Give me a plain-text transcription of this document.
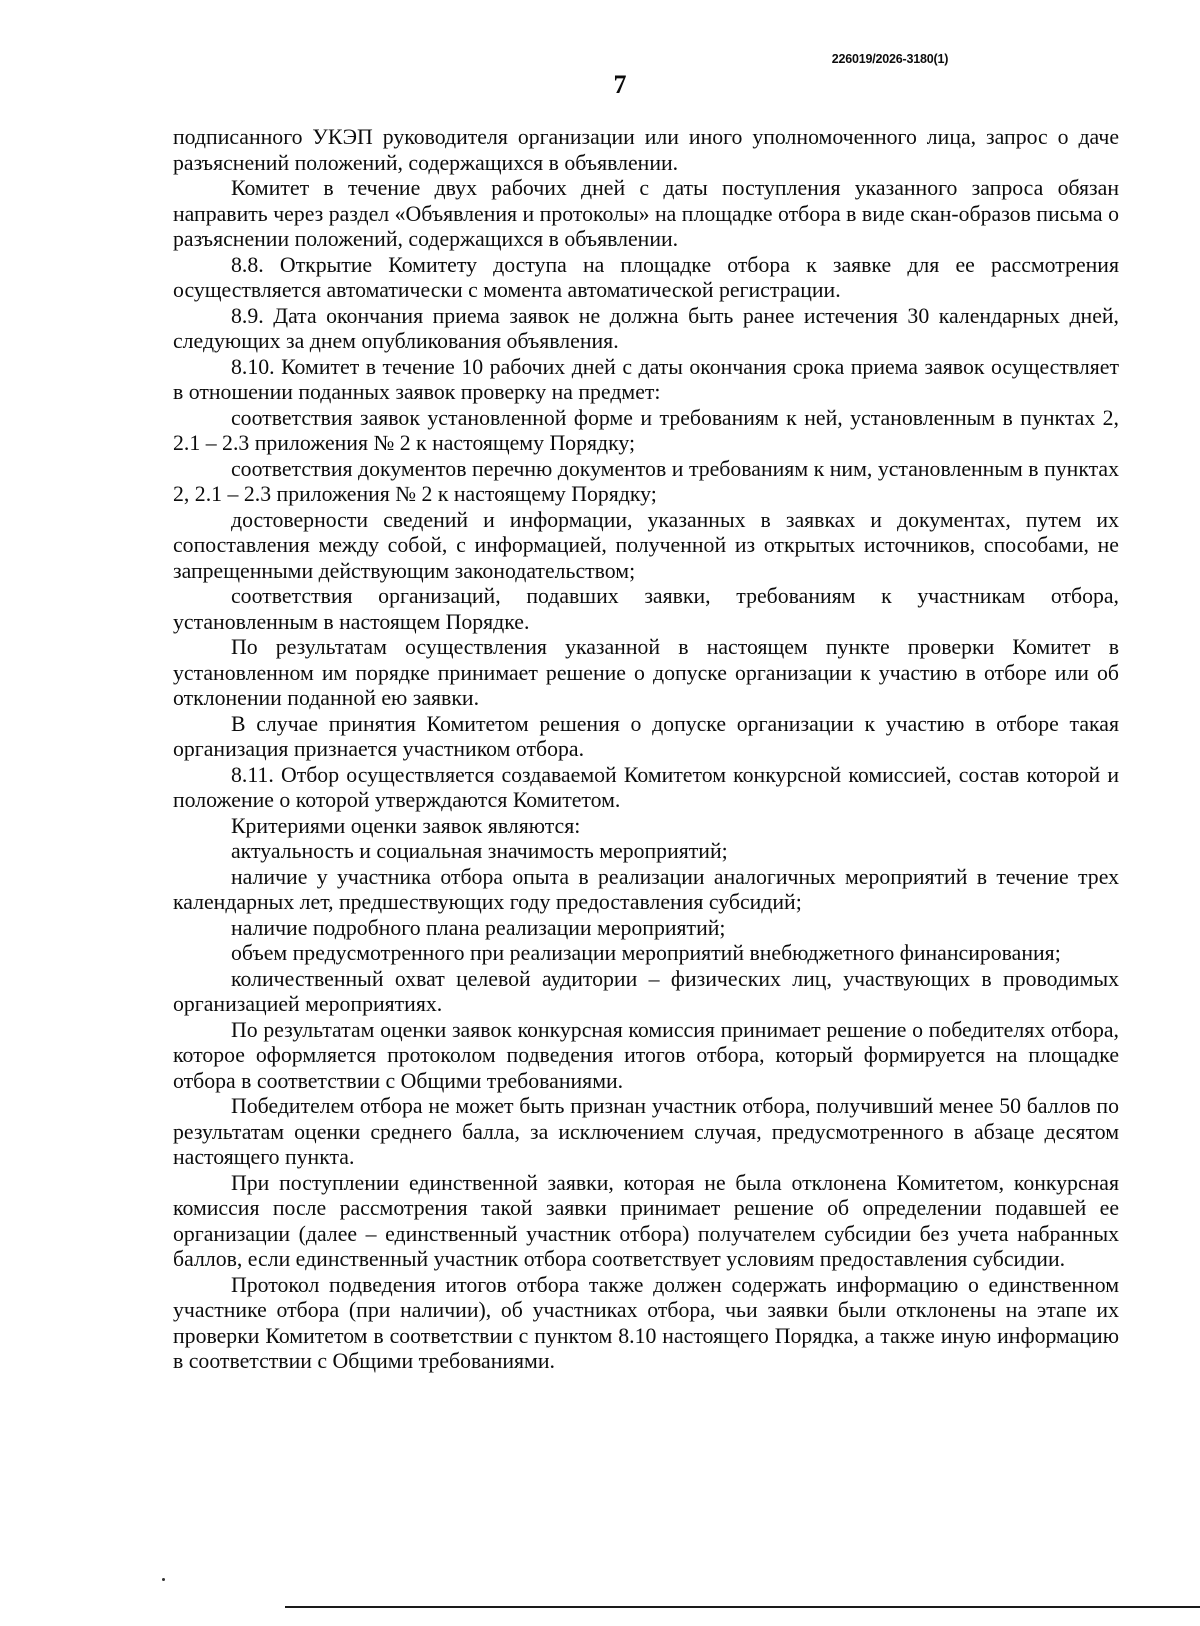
226019/2026-3180(1)
7

подписанного УКЭП руководителя организации или иного уполномоченного лица, запрос о даче разъяснений положений, содержащихся в объявлении.

Комитет в течение двух рабочих дней с даты поступления указанного запроса обязан направить через раздел «Объявления и протоколы» на площадке отбора в виде скан-образов письма о разъяснении положений, содержащихся в объявлении.

8.8. Открытие Комитету доступа на площадке отбора к заявке для ее рассмотрения осуществляется автоматически с момента автоматической регистрации.

8.9. Дата окончания приема заявок не должна быть ранее истечения 30 календарных дней, следующих за днем опубликования объявления.

8.10. Комитет в течение 10 рабочих дней с даты окончания срока приема заявок осуществляет в отношении поданных заявок проверку на предмет:

соответствия заявок установленной форме и требованиям к ней, установленным в пунктах 2, 2.1 – 2.3 приложения № 2 к настоящему Порядку;

соответствия документов перечню документов и требованиям к ним, установленным в пунктах 2, 2.1 – 2.3 приложения № 2 к настоящему Порядку;

достоверности сведений и информации, указанных в заявках и документах, путем их сопоставления между собой, с информацией, полученной из открытых источников, способами, не запрещенными действующим законодательством;

соответствия организаций, подавших заявки, требованиям к участникам отбора, установленным в настоящем Порядке.

По результатам осуществления указанной в настоящем пункте проверки Комитет в установленном им порядке принимает решение о допуске организации к участию в отборе или об отклонении поданной ею заявки.

В случае принятия Комитетом решения о допуске организации к участию в отборе такая организация признается участником отбора.

8.11. Отбор осуществляется создаваемой Комитетом конкурсной комиссией, состав которой и положение о которой утверждаются Комитетом.

Критериями оценки заявок являются:

актуальность и социальная значимость мероприятий;

наличие у участника отбора опыта в реализации аналогичных мероприятий в течение трех календарных лет, предшествующих году предоставления субсидий;

наличие подробного плана реализации мероприятий;

объем предусмотренного при реализации мероприятий внебюджетного финансирования;

количественный охват целевой аудитории – физических лиц, участвующих в проводимых организацией мероприятиях.

По результатам оценки заявок конкурсная комиссия принимает решение о победителях отбора, которое оформляется протоколом подведения итогов отбора, который формируется на площадке отбора в соответствии с Общими требованиями.

Победителем отбора не может быть признан участник отбора, получивший менее 50 баллов по результатам оценки среднего балла, за исключением случая, предусмотренного в абзаце десятом настоящего пункта.

При поступлении единственной заявки, которая не была отклонена Комитетом, конкурсная комиссия после рассмотрения такой заявки принимает решение об определении подавшей ее организации (далее – единственный участник отбора) получателем субсидии без учета набранных баллов, если единственный участник отбора соответствует условиям предоставления субсидии.

Протокол подведения итогов отбора также должен содержать информацию о единственном участнике отбора (при наличии), об участниках отбора, чьи заявки были отклонены на этапе их проверки Комитетом в соответствии с пунктом 8.10 настоящего Порядка, а также иную информацию в соответствии с Общими требованиями.
